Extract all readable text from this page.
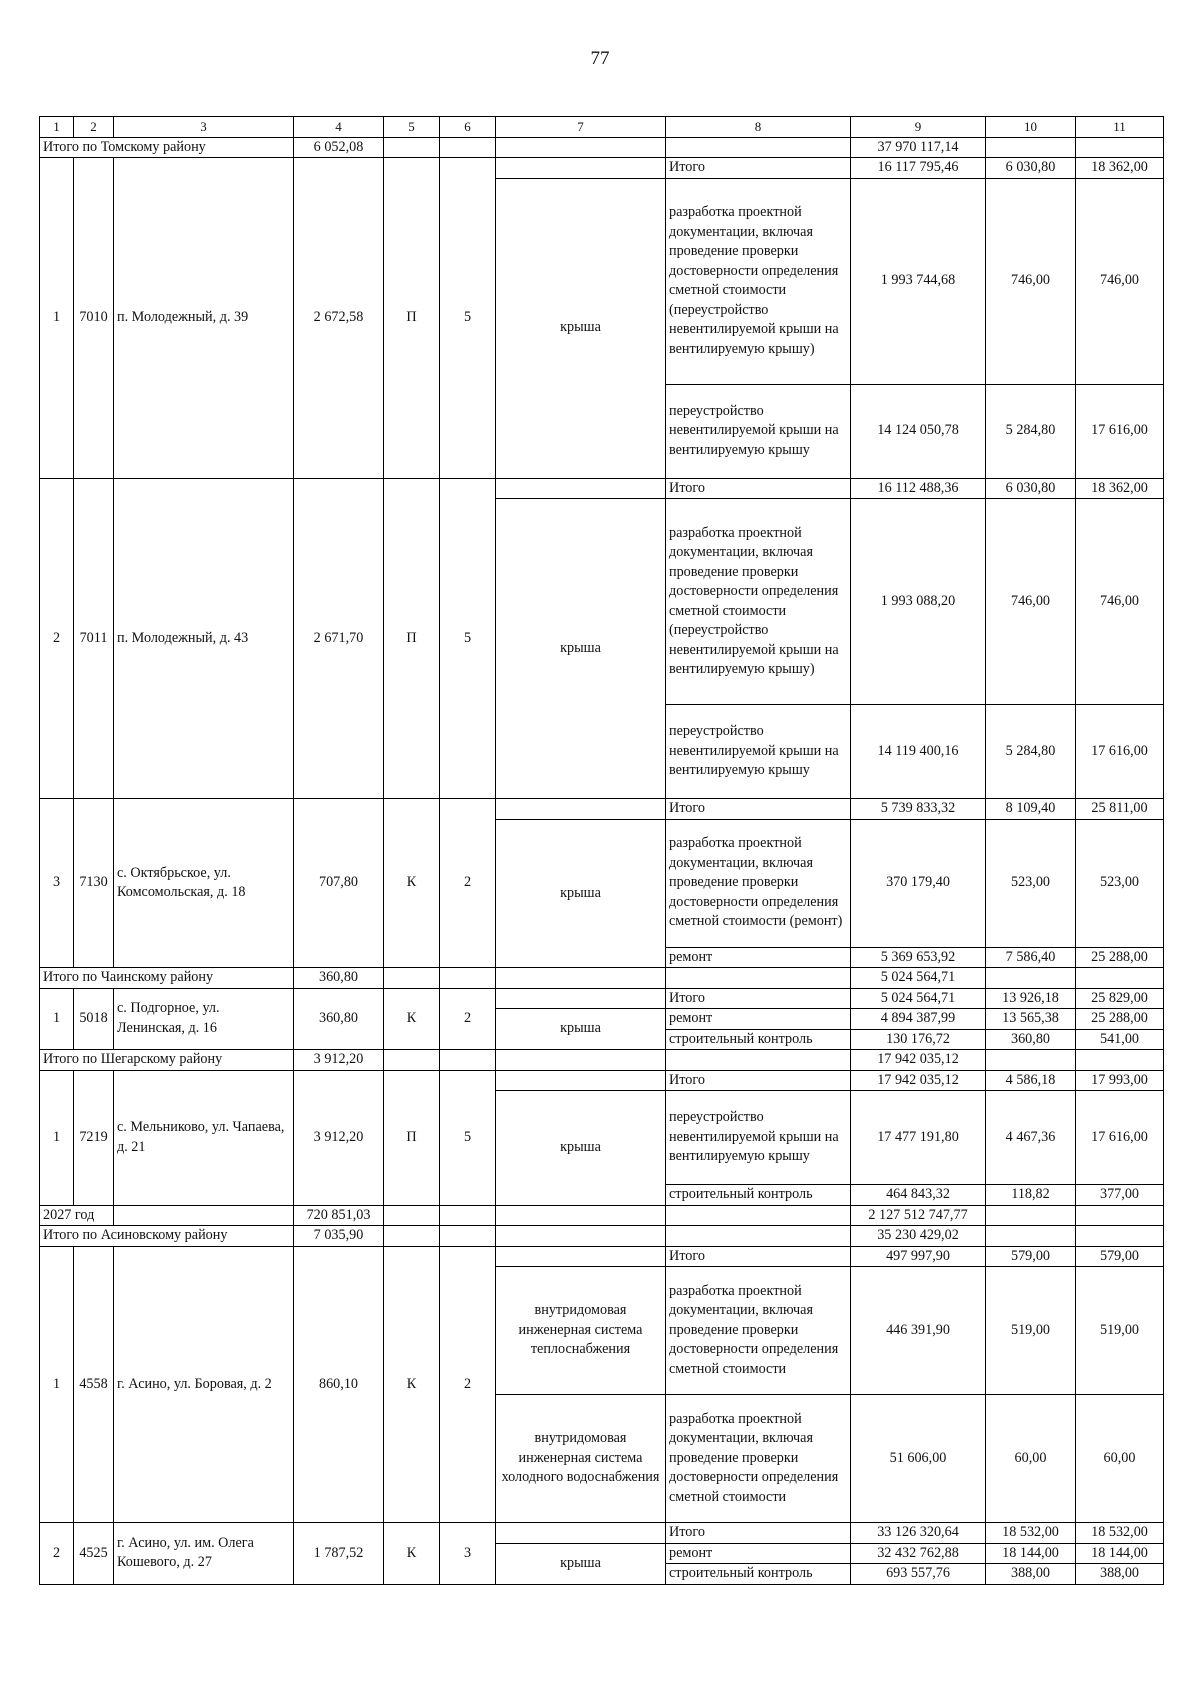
77
1	2	3	4	5	6	7	8	9	10	11
Итого по Томскому району			6 052,08					37 970 117,14		
1	7010	п. Молодежный, д. 39	2 672,58	П	5		Итого	16 117 795,46	6 030,80	18 362,00
						крыша	разработка проектной документации, включая проведение проверки достоверности определения сметной стоимости (переустройство невентилируемой крыши на вентилируемую крышу)	1 993 744,68	746,00	746,00
							переустройство невентилируемой крыши на вентилируемую крышу	14 124 050,78	5 284,80	17 616,00
2	7011	п. Молодежный, д. 43	2 671,70	П	5		Итого	16 112 488,36	6 030,80	18 362,00
						крыша	разработка проектной документации, включая проведение проверки достоверности определения сметной стоимости (переустройство невентилируемой крыши на вентилируемую крышу)	1 993 088,20	746,00	746,00
							переустройство невентилируемой крыши на вентилируемую крышу	14 119 400,16	5 284,80	17 616,00
3	7130	с. Октябрьское, ул. Комсомольская, д. 18	707,80	К	2		Итого	5 739 833,32	8 109,40	25 811,00
						крыша	разработка проектной документации, включая проведение проверки достоверности определения сметной стоимости (ремонт)	370 179,40	523,00	523,00
							ремонт	5 369 653,92	7 586,40	25 288,00
Итого по Чаинскому району			360,80					5 024 564,71		
1	5018	с. Подгорное, ул. Ленинская, д. 16	360,80	К	2		Итого	5 024 564,71	13 926,18	25 829,00
						крыша	ремонт	4 894 387,99	13 565,38	25 288,00
							строительный контроль	130 176,72	360,80	541,00
Итого по Шегарскому району			3 912,20					17 942 035,12		
1	7219	с. Мельниково, ул. Чапаева, д. 21	3 912,20	П	5		Итого	17 942 035,12	4 586,18	17 993,00
						крыша	переустройство невентилируемой крыши на вентилируемую крышу	17 477 191,80	4 467,36	17 616,00
							строительный контроль	464 843,32	118,82	377,00
2027 год			720 851,03					2 127 512 747,77		
Итого по Асиновскому району			7 035,90					35 230 429,02		
1	4558	г. Асино, ул. Боровая, д. 2	860,10	К	2		Итого	497 997,90	579,00	579,00
						внутридомовая инженерная система теплоснабжения	разработка проектной документации, включая проведение проверки достоверности определения сметной стоимости	446 391,90	519,00	519,00
						внутридомовая инженерная система холодного водоснабжения	разработка проектной документации, включая проведение проверки достоверности определения сметной стоимости	51 606,00	60,00	60,00
2	4525	г. Асино, ул. им. Олега Кошевого, д. 27	1 787,52	К	3		Итого	33 126 320,64	18 532,00	18 532,00
						крыша	ремонт	32 432 762,88	18 144,00	18 144,00
							строительный контроль	693 557,76	388,00	388,00
